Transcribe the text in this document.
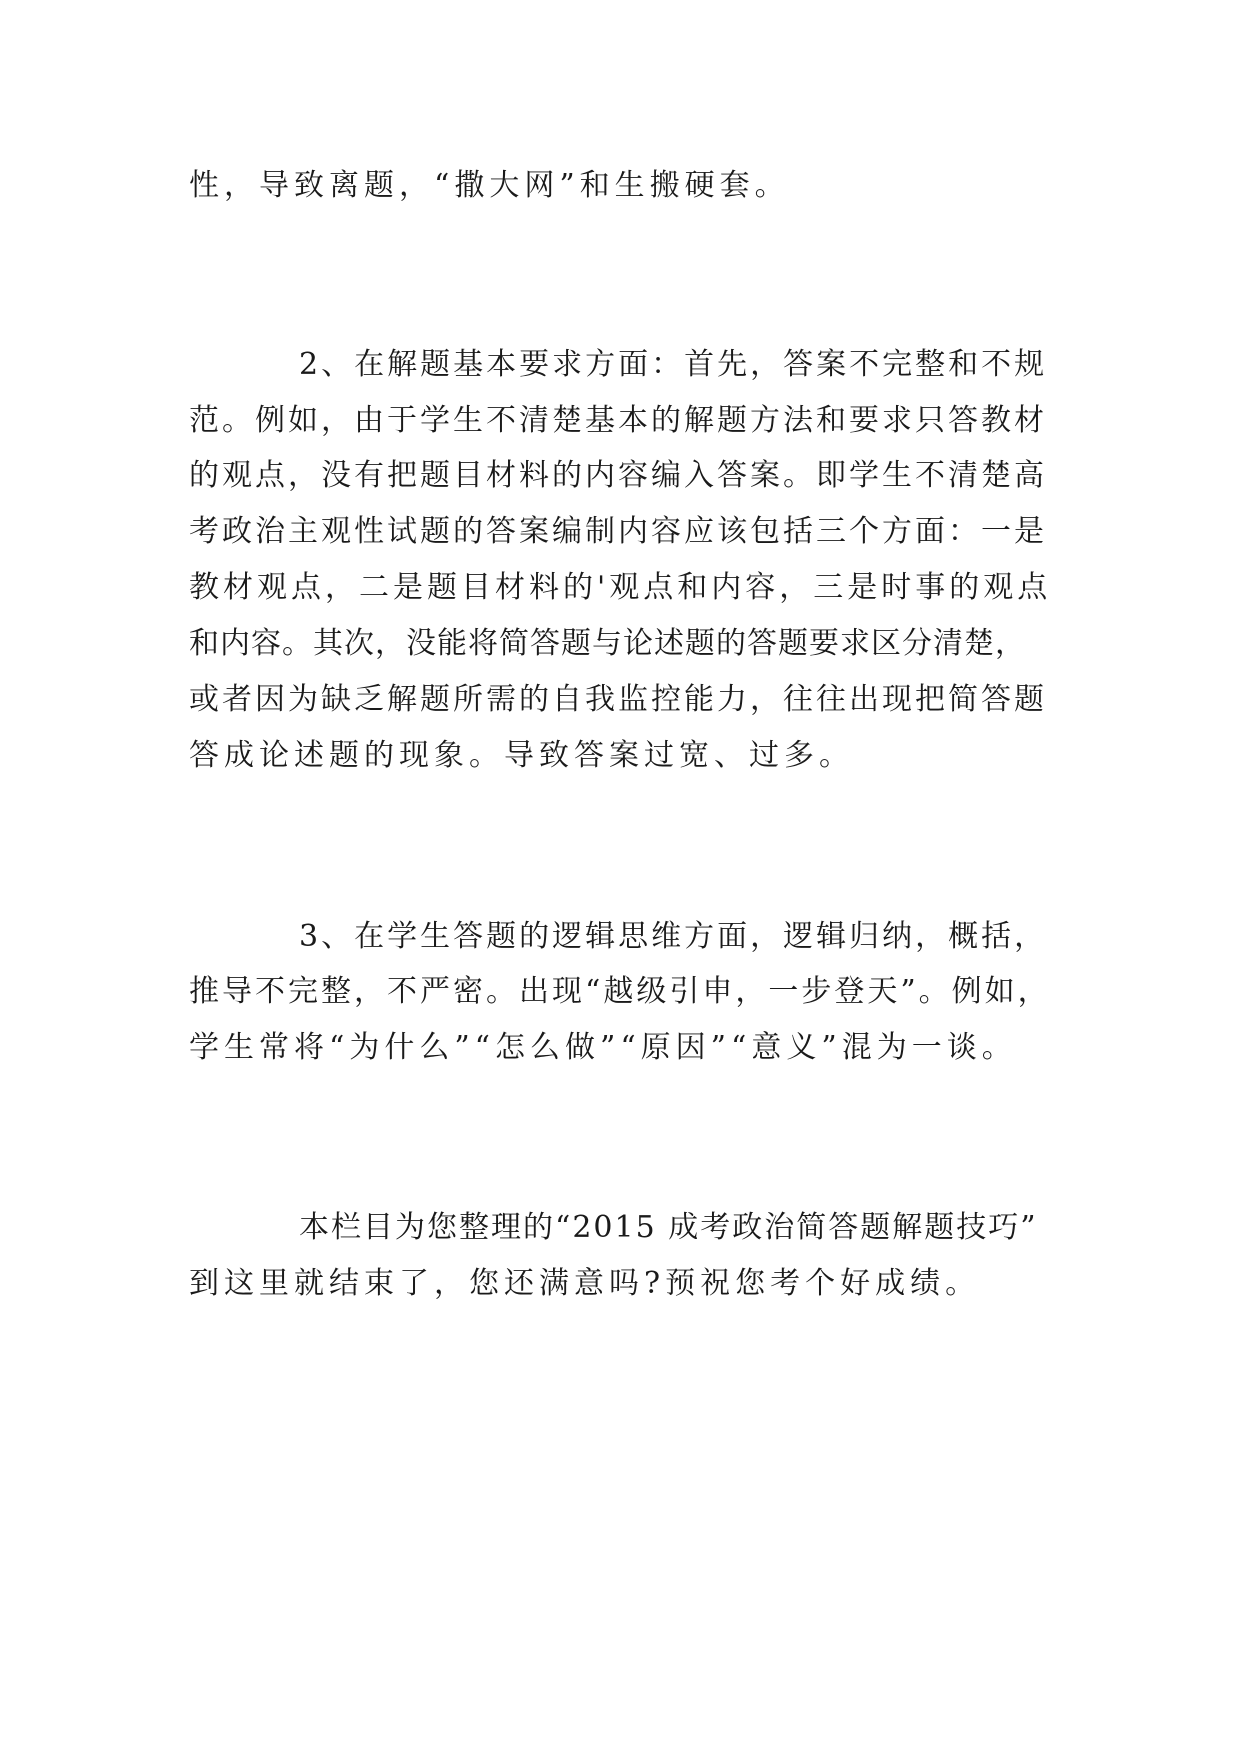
性，导致离题，“撒大网”和生搬硬套。
2、在解题基本要求方面：首先，答案不完整和不规
范。例如，由于学生不清楚基本的解题方法和要求只答教材
的观点，没有把题目材料的内容编入答案。即学生不清楚高
考政治主观性试题的答案编制内容应该包括三个方面：一是
教材观点，二是题目材料的'观点和内容，三是时事的观点
和内容。其次，没能将简答题与论述题的答题要求区分清楚，
或者因为缺乏解题所需的自我监控能力，往往出现把简答题
答成论述题的现象。导致答案过宽、过多。
3、在学生答题的逻辑思维方面，逻辑归纳，概括，
推导不完整，不严密。出现“越级引申，一步登天”。例如，
学生常将“为什么”“怎么做”“原因”“意义”混为一谈。
本栏目为您整理的“2015 成考政治简答题解题技巧”
到这里就结束了，您还满意吗?预祝您考个好成绩。
